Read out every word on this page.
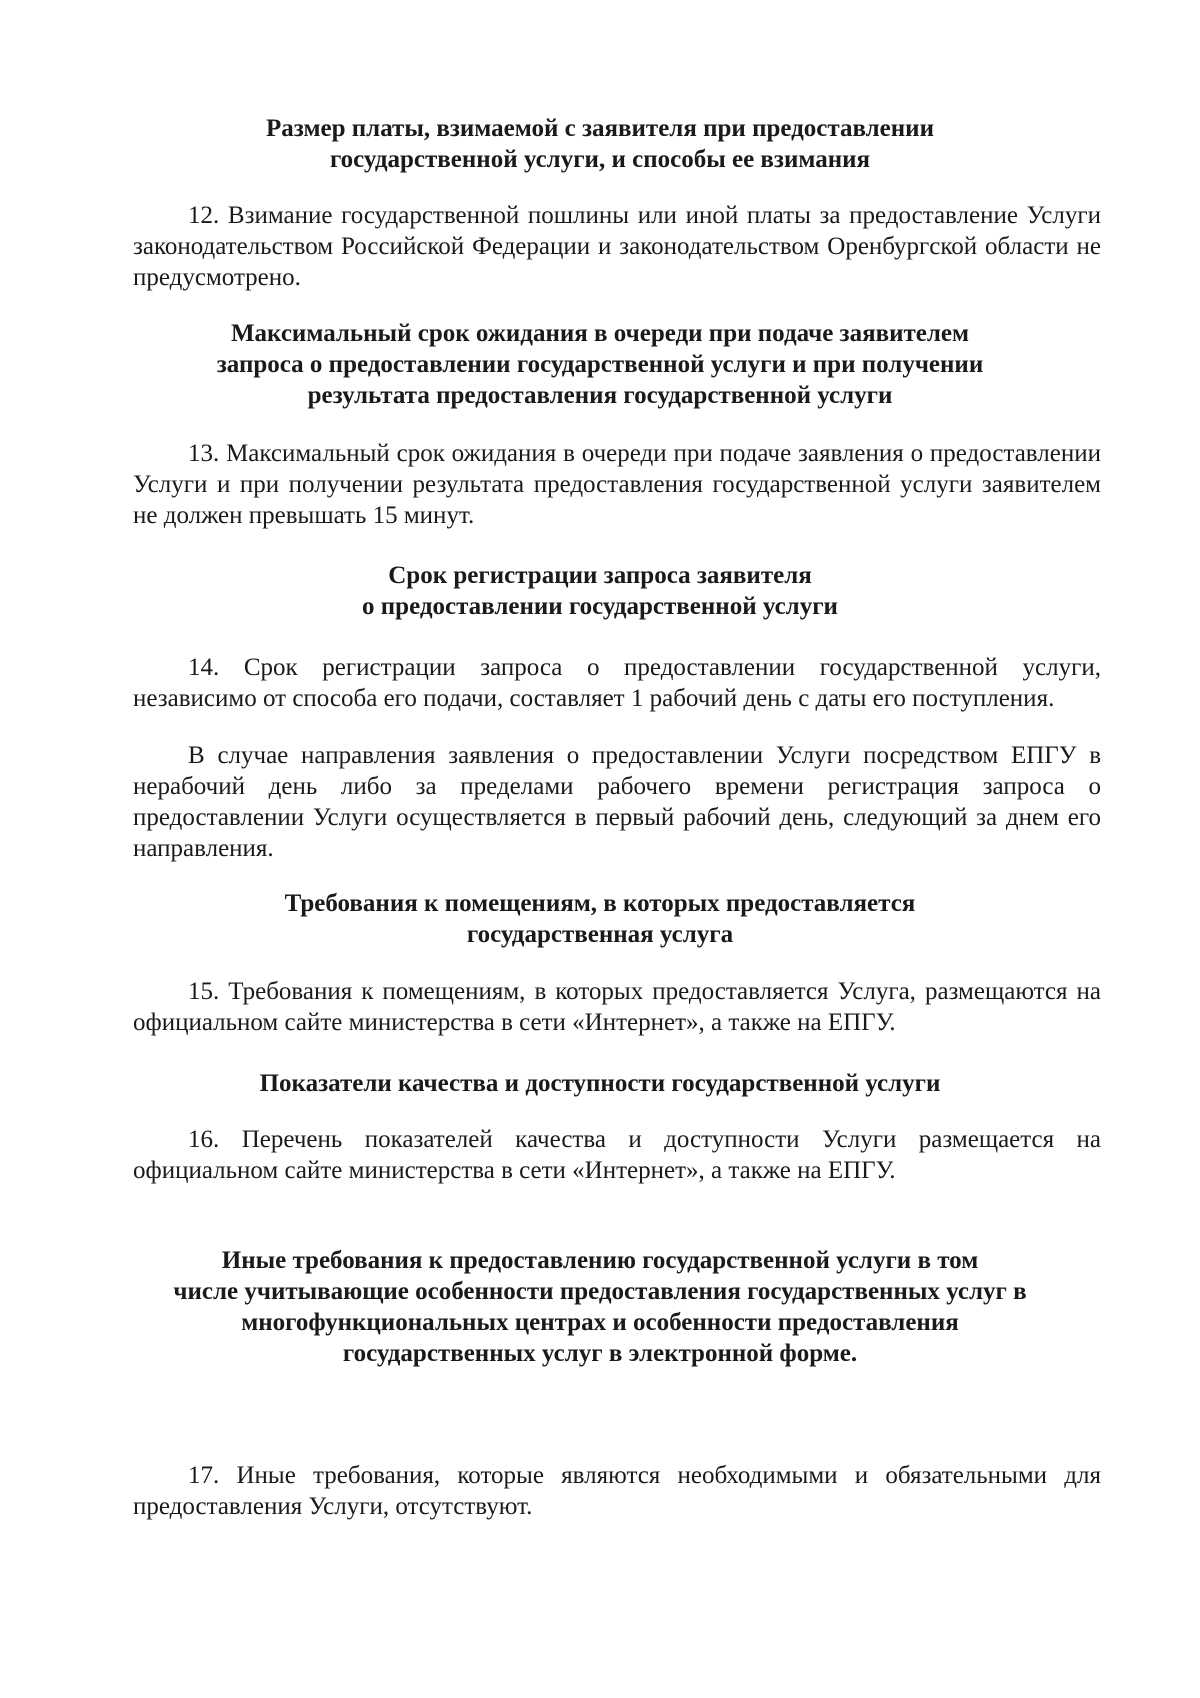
Размер платы, взимаемой с заявителя при предоставлении
государственной услуги, и способы ее взимания
12. Взимание государственной пошлины или иной платы за предоставление Услуги законодательством Российской Федерации и законодательством Оренбургской области не предусмотрено.
Максимальный срок ожидания в очереди при подаче заявителем
запроса о предоставлении государственной услуги и при получении
результата предоставления государственной услуги
13. Максимальный срок ожидания в очереди при подаче заявления о предоставлении Услуги и при получении результата предоставления государственной услуги заявителем не должен превышать 15 минут.
Срок регистрации запроса заявителя
о предоставлении государственной услуги
14. Срок регистрации запроса о предоставлении государственной услуги, независимо от способа его подачи, составляет 1 рабочий день с даты его поступления.
В случае направления заявления о предоставлении Услуги посредством ЕПГУ в нерабочий день либо за пределами рабочего времени регистрация запроса о предоставлении Услуги осуществляется в первый рабочий день, следующий за днем его направления.
Требования к помещениям, в которых предоставляется
государственная услуга
15. Требования к помещениям, в которых предоставляется Услуга, размещаются на официальном сайте министерства в сети «Интернет», а также на ЕПГУ.
Показатели качества и доступности государственной услуги
16. Перечень показателей качества и доступности Услуги размещается на официальном сайте министерства в сети «Интернет», а также на ЕПГУ.
Иные требования к предоставлению государственной услуги в том
числе учитывающие особенности предоставления государственных услуг в
многофункциональных центрах и особенности предоставления
государственных услуг в электронной форме.
17. Иные требования, которые являются необходимыми и обязательными для предоставления Услуги, отсутствуют.
